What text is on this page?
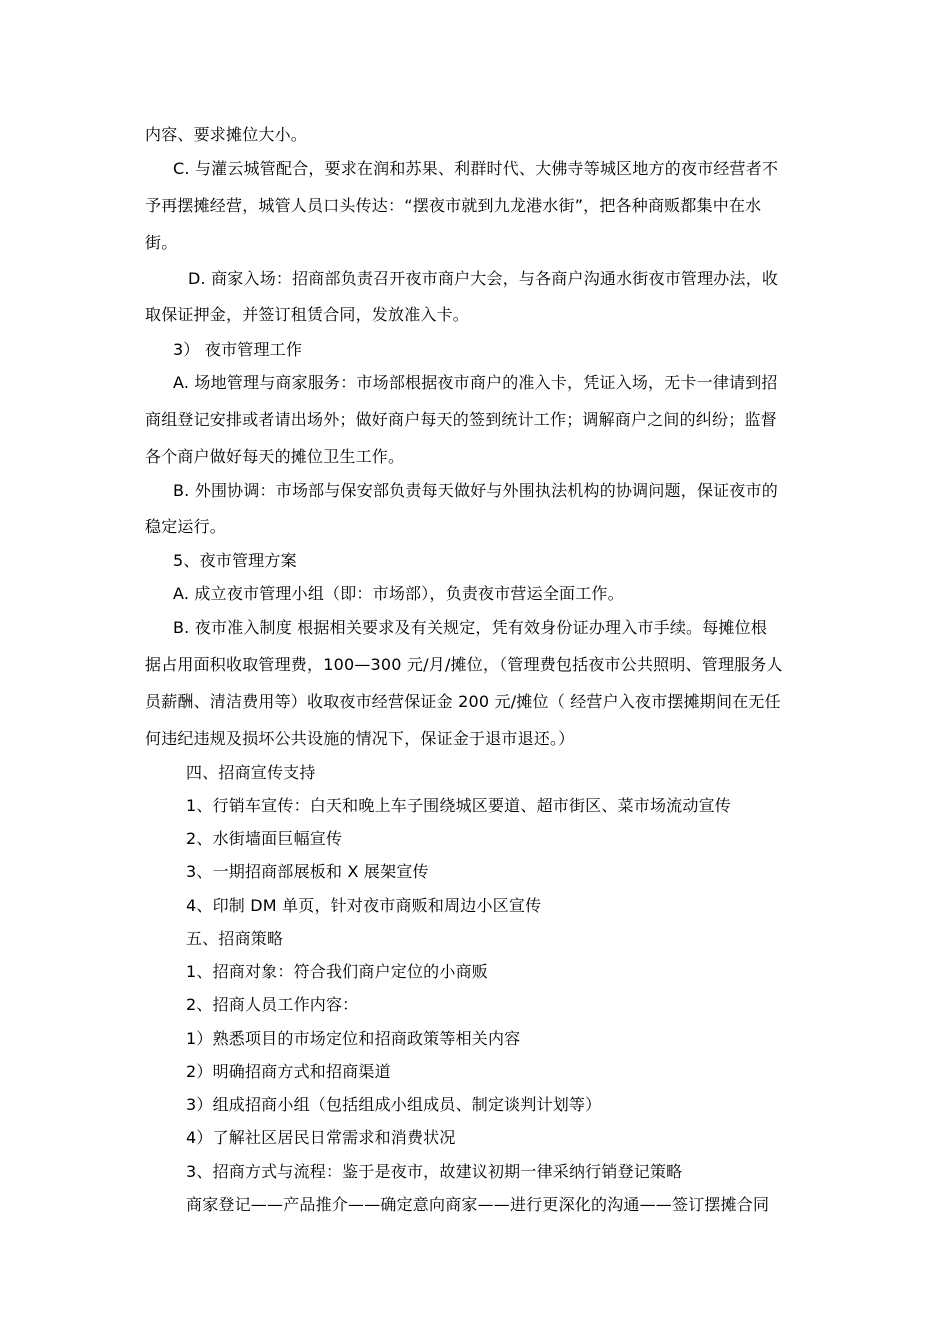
内容、要求摊位大小。
C. 与灌云城管配合，要求在润和苏果、利群时代、大佛寺等城区地方的夜市经营者不
予再摆摊经营，城管人员口头传达：“摆夜市就到九龙港水街”，把各种商贩都集中在水
街。
D. 商家入场：招商部负责召开夜市商户大会，与各商户沟通水街夜市管理办法，收
取保证押金，并签订租赁合同，发放准入卡。
3） 夜市管理工作
A. 场地管理与商家服务：市场部根据夜市商户的准入卡，凭证入场，无卡一律请到招
商组登记安排或者请出场外；做好商户每天的签到统计工作；调解商户之间的纠纷；监督
各个商户做好每天的摊位卫生工作。
B. 外围协调：市场部与保安部负责每天做好与外围执法机构的协调问题，保证夜市的
稳定运行。
5、夜市管理方案
A. 成立夜市管理小组（即：市场部），负责夜市营运全面工作。
B. 夜市准入制度 根据相关要求及有关规定，凭有效身份证办理入市手续。每摊位根
据占用面积收取管理费，100—300 元/月/摊位，（管理费包括夜市公共照明、管理服务人
员薪酬、清洁费用等）收取夜市经营保证金 200 元/摊位（ 经营户入夜市摆摊期间在无任
何违纪违规及损坏公共设施的情况下，保证金于退市退还。）
四、招商宣传支持
1、行销车宣传：白天和晚上车子围绕城区要道、超市街区、菜市场流动宣传
2、水街墙面巨幅宣传
3、一期招商部展板和 X 展架宣传
4、印制 DM 单页，针对夜市商贩和周边小区宣传
五、招商策略
1、招商对象：符合我们商户定位的小商贩
2、招商人员工作内容：
1）熟悉项目的市场定位和招商政策等相关内容
2）明确招商方式和招商渠道
3）组成招商小组（包括组成小组成员、制定谈判计划等）
4）了解社区居民日常需求和消费状况
3、招商方式与流程：鉴于是夜市，故建议初期一律采纳行销登记策略
商家登记——产品推介——确定意向商家——进行更深化的沟通——签订摆摊合同
